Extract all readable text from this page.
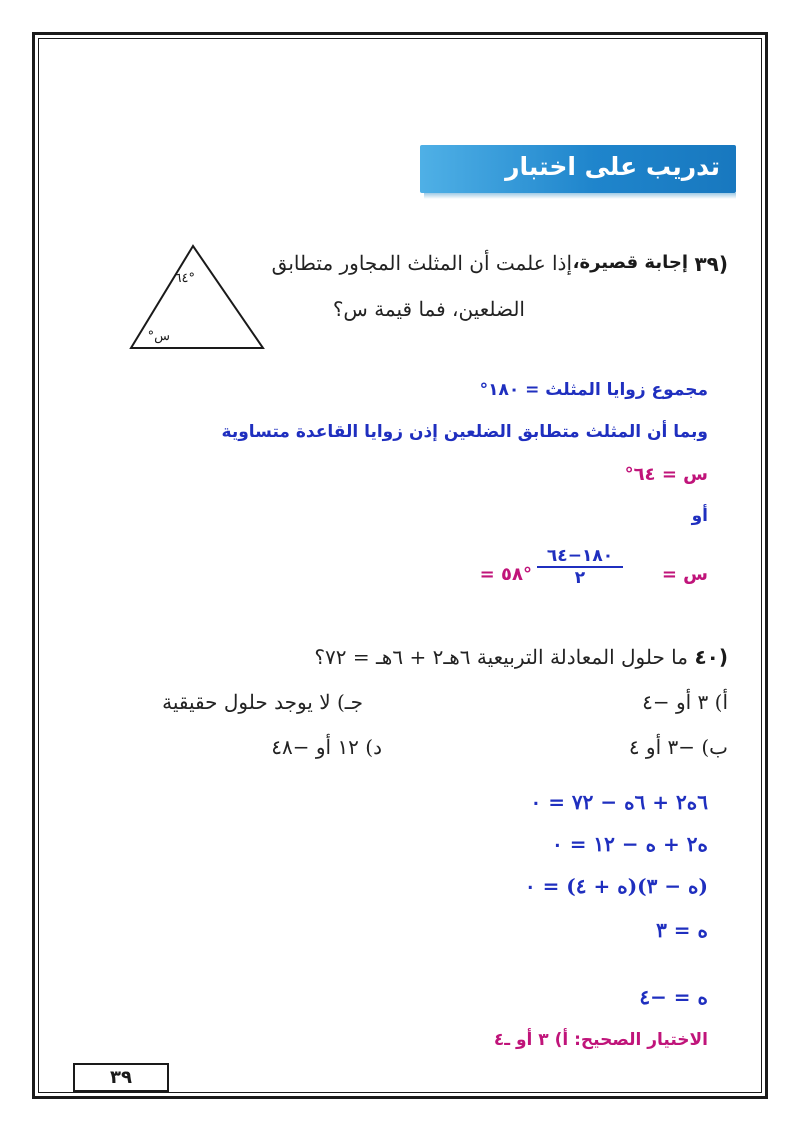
تدريب على اختبار
٣٩)
إجابة قصيرة،
إذا علمت أن المثلث المجاور متطابق
الضلعين، فما قيمة س؟
°٦٤
س°
مجموع زوايا المثلث = ١٨٠°
وبما أن المثلث متطابق الضلعين إذن زوايا القاعدة متساوية
س = ٦٤°
أو
س =
١٨٠−٦٤
٢
= ٥٨°
٤٠)
ما حلول المعادلة التربيعية ٦هـ٢ + ٦هـ = ٧٢؟
أ) ٣ أو −٤
جـ) لا يوجد حلول حقيقية
ب) −٣ أو ٤
د) ١٢ أو −٤٨
٦ه٢ + ٦ه − ٧٢ = ٠
ه٢ + ه − ١٢ = ٠
(ه − ٣)(ه + ٤) = ٠
ه = ٣
ه = −٤
الاختيار الصحيح: أ) ٣ أو ـ٤
٣٩
